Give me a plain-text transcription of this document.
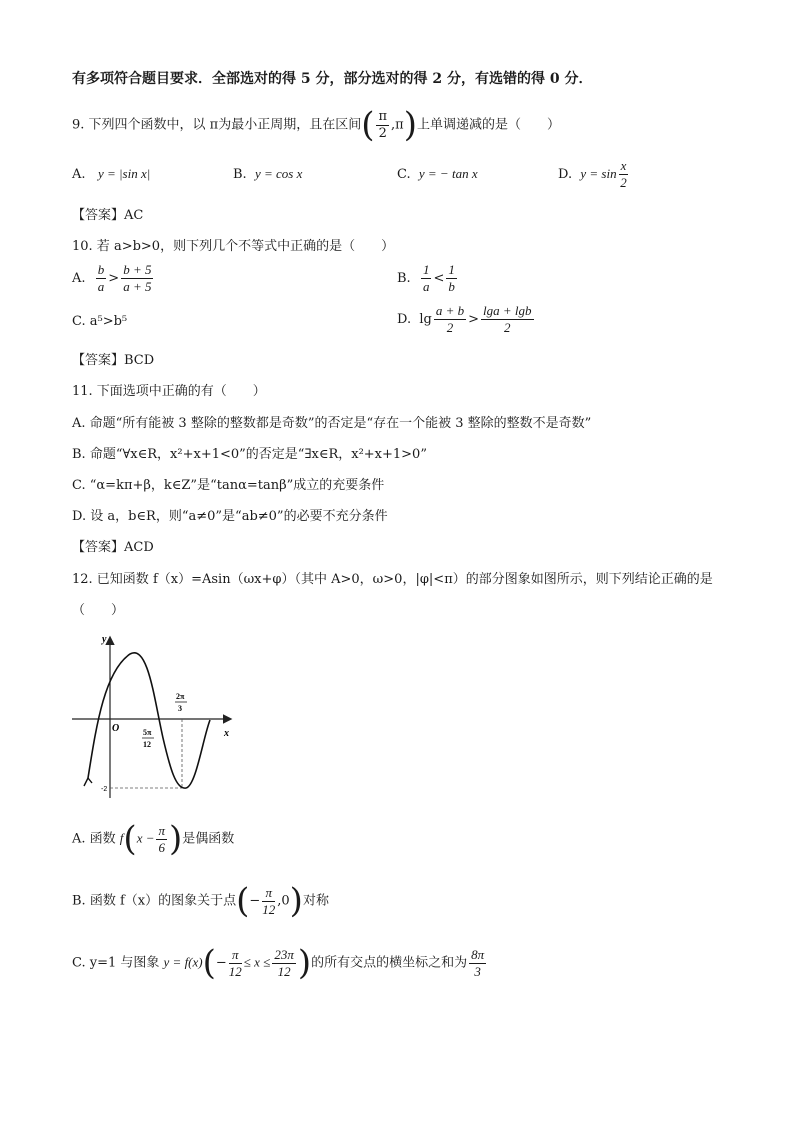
有多项符合题目要求．全部选对的得 5 分，部分选对的得 2 分，有选错的得 0 分．
9. 下列四个函数中，以 π为最小正周期，且在区间( $\frac{\pi}{2} ,\pi$)上单调递减的是（　　）
A. y = |sin x|	B. y = cos x	C. y = − tan x	D. $y = \sin \frac{x}{2}$
【答案】AC
10. 若 a>b>0，则下列几个不等式中正确的是（　　）
A. $\frac{b}{a} > \frac{b + 5}{a + 5}$	B. $\frac{1}{a} < \frac{1}{b}$
C. a⁵>b⁵	D. $\lg \frac{a + b}{2} > \frac{\lg a + \lg b}{2}$
【答案】BCD
11. 下面选项中正确的有（　　）
A. 命题“所有能被 3 整除的整数都是奇数”的否定是“存在一个能被 3 整除的整数不是奇数”
B. 命题“∀x∈R，x²+x+1<0”的否定是“∃x∈R，x²+x+1>0”
C. “α=kπ+β，k∈Z”是“tanα=tanβ”成立的充要条件
D. 设 a，b∈R，则“a≠0”是“ab≠0”的必要不充分条件
【答案】ACD
12. 已知函数 f（x）=Asin（ωx+φ）（其中 A>0，ω>0，|φ|<π）的部分图象如图所示，则下列结论正确的是
（　　）
y
x
O	5π
12
2π
3
-2
A. 函数 $f(x - \frac{\pi}{6}$ )是偶函数
B. 函数 f（x）的图象关于点(− $\frac{\pi}{12} ,0$)对称
C. y=1 与图象 $y = f(x)(- \frac{\pi}{12} \le x \le \frac{23\pi}{12}$ )的所有交点的横坐标之和为 $\frac{8\pi}{3}$
